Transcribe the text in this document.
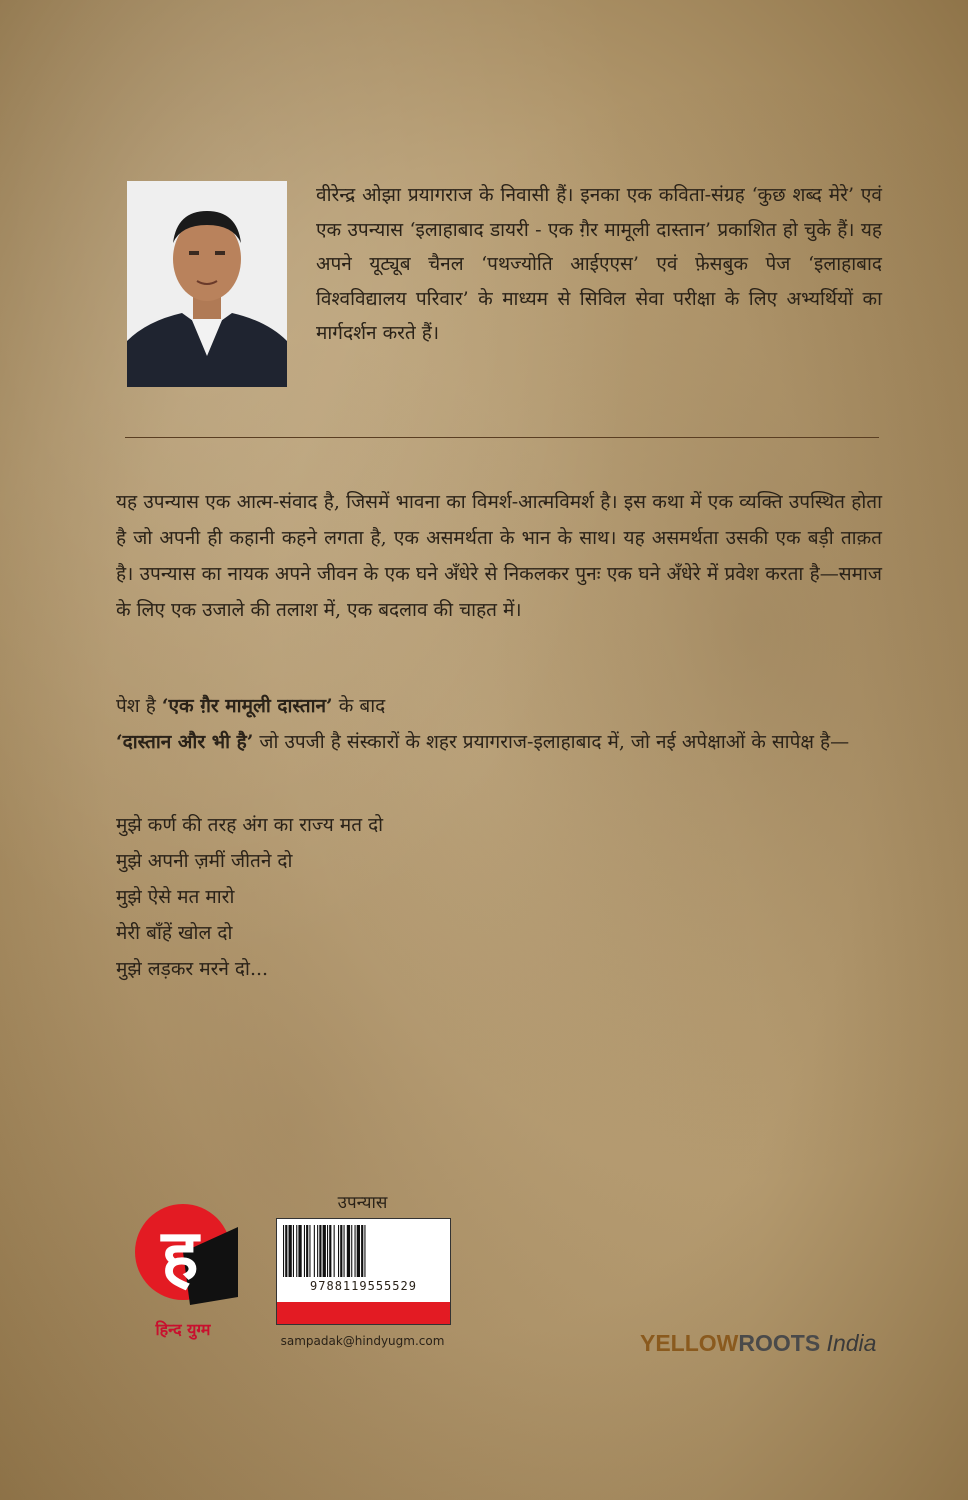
वीरेन्द्र ओझा प्रयागराज के निवासी हैं। इनका एक कविता-संग्रह ‘कुछ शब्द मेरे’ एवं एक उपन्यास ‘इलाहाबाद डायरी - एक ग़ैर मामूली दास्तान’ प्रकाशित हो चुके हैं। यह अपने यूट्यूब चैनल ‘पथज्योति आईएएस’ एवं फ़ेसबुक पेज ‘इलाहाबाद विश्वविद्यालय परिवार’ के माध्यम से सिविल सेवा परीक्षा के लिए अभ्यर्थियों का मार्गदर्शन करते हैं।

यह उपन्यास एक आत्म-संवाद है, जिसमें भावना का विमर्श-आत्मविमर्श है। इस कथा में एक व्यक्ति उपस्थित होता है जो अपनी ही कहानी कहने लगता है, एक असमर्थता के भान के साथ। यह असमर्थता उसकी एक बड़ी ताक़त है। उपन्यास का नायक अपने जीवन के एक घने अँधेरे से निकलकर पुनः एक घने अँधेरे में प्रवेश करता है—समाज के लिए एक उजाले की तलाश में, एक बदलाव की चाहत में।

पेश है ‘एक ग़ैर मामूली दास्तान’ के बाद
‘दास्तान और भी है’ जो उपजी है संस्कारों के शहर प्रयागराज-इलाहाबाद में, जो नई अपेक्षाओं के सापेक्ष है—

मुझे कर्ण की तरह अंग का राज्य मत दो
मुझे अपनी ज़मीं जीतने दो
मुझे ऐसे मत मारो
मेरी बाँहें खोल दो
मुझे लड़कर मरने दो...
ह
हिन्द युग्म
उपन्यास
9788119555529
sampadak@hindyugm.com	YELLOWROOTS India
